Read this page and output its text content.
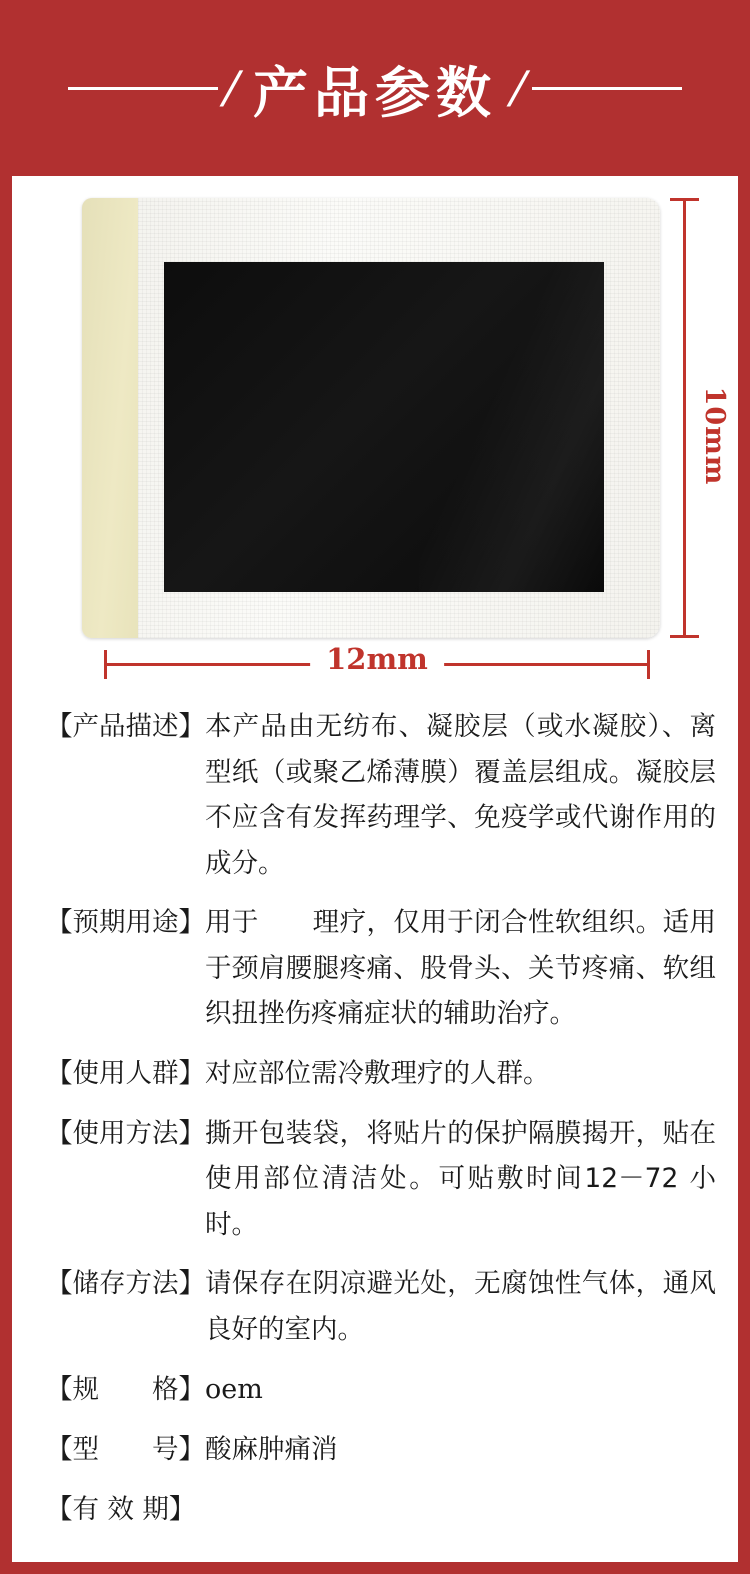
/ 产品参数 /
10mm
12mm
【产品描述】 本产品由无纺布、凝胶层（或水凝胶）、离型纸（或聚乙烯薄膜）覆盖层组成。凝胶层不应含有发挥药理学、免疫学或代谢作用的成分。
【预期用途】 用于　　理疗，仅用于闭合性软组织。适用于颈肩腰腿疼痛、股骨头、关节疼痛、软组织扭挫伤疼痛症状的辅助治疗。
【使用人群】 对应部位需冷敷理疗的人群。
【使用方法】 撕开包装袋，将贴片的保护隔膜揭开，贴在使用部位清洁处。可贴敷时间12－72 小时。
【储存方法】 请保存在阴凉避光处，无腐蚀性气体，通风良好的室内。
【规　　格】 oem
【型　　号】 酸麻肿痛消
【有 效 期】
